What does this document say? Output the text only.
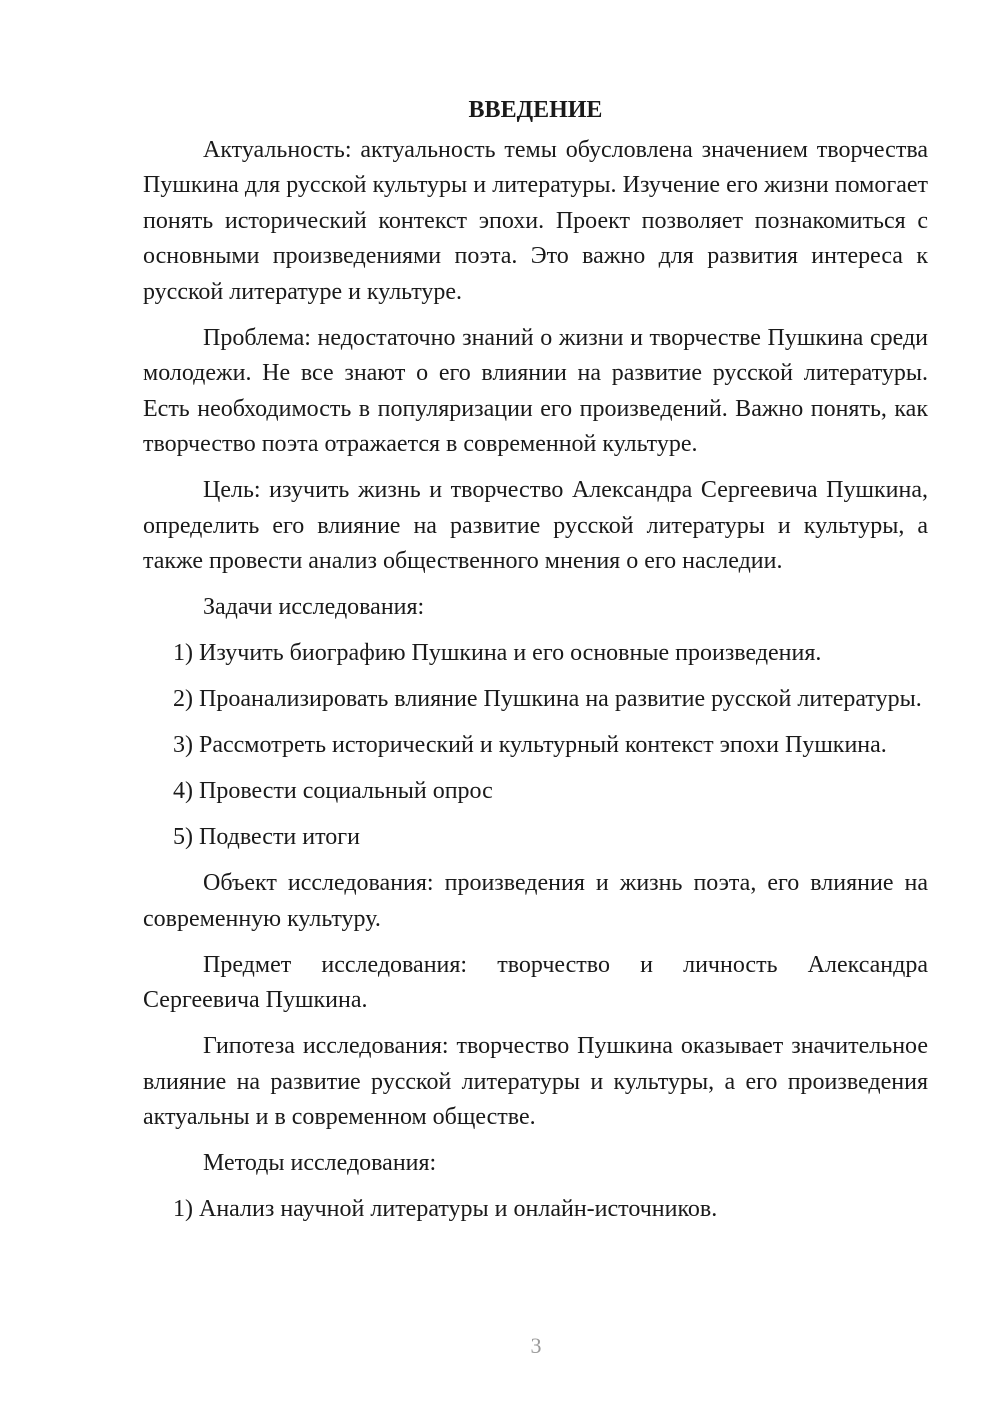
ВВЕДЕНИЕ

Актуальность: актуальность темы обусловлена значением творчества Пушкина для русской культуры и литературы. Изучение его жизни помогает понять исторический контекст эпохи. Проект позволяет познакомиться с основными произведениями поэта. Это важно для развития интереса к русской литературе и культуре.

Проблема: недостаточно знаний о жизни и творчестве Пушкина среди молодежи. Не все знают о его влиянии на развитие русской литературы. Есть необходимость в популяризации его произведений. Важно понять, как творчество поэта отражается в современной культуре.

Цель: изучить жизнь и творчество Александра Сергеевича Пушкина, определить его влияние на развитие русской литературы и культуры, а также провести анализ общественного мнения о его наследии.

Задачи исследования:

1) Изучить биографию Пушкина и его основные произведения.

2) Проанализировать влияние Пушкина на развитие русской литературы.

3) Рассмотреть исторический и культурный контекст эпохи Пушкина.

4) Провести социальный опрос

5) Подвести итоги

Объект исследования: произведения и жизнь поэта, его влияние на современную культуру.

Предмет исследования: творчество и личность Александра Сергеевича Пушкина.

Гипотеза исследования: творчество Пушкина оказывает значительное влияние на развитие русской литературы и культуры, а его произведения актуальны и в современном обществе.

Методы исследования:

1) Анализ научной литературы и онлайн-источников.

3
